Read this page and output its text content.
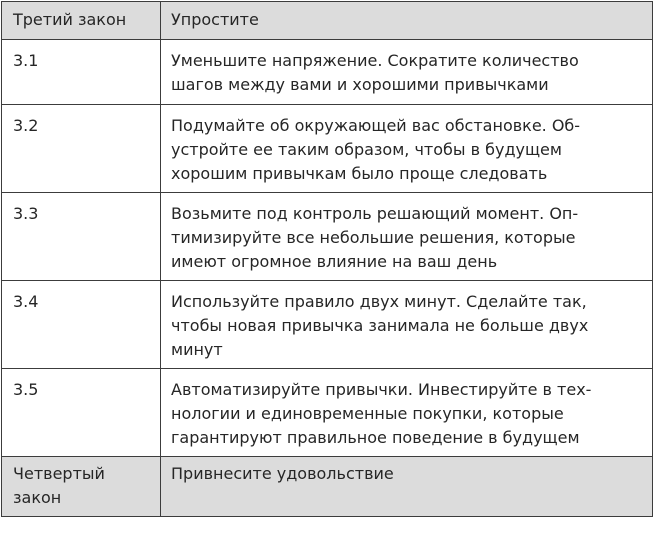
Третий закон	Упростите
3.1	Уменьшите напряжение. Сократите количество
шагов между вами и хорошими привычками

3.2	Подумайте об окружающей вас обстановке. Об-
устройте ее таким образом, чтобы в будущем
хорошим привычкам было проще следовать

3.3	Возьмите под контроль решающий момент. Оп-
тимизируйте все небольшие решения, которые
имеют огромное влияние на ваш день

3.4	Используйте правило двух минут. Сделайте так,
чтобы новая привычка занимала не больше двух
минут

3.5	Автоматизируйте привычки. Инвестируйте в тех-
нологии и единовременные покупки, которые
гарантируют правильное поведение в будущем

Четвертый
закон	Привнесите удовольствие
